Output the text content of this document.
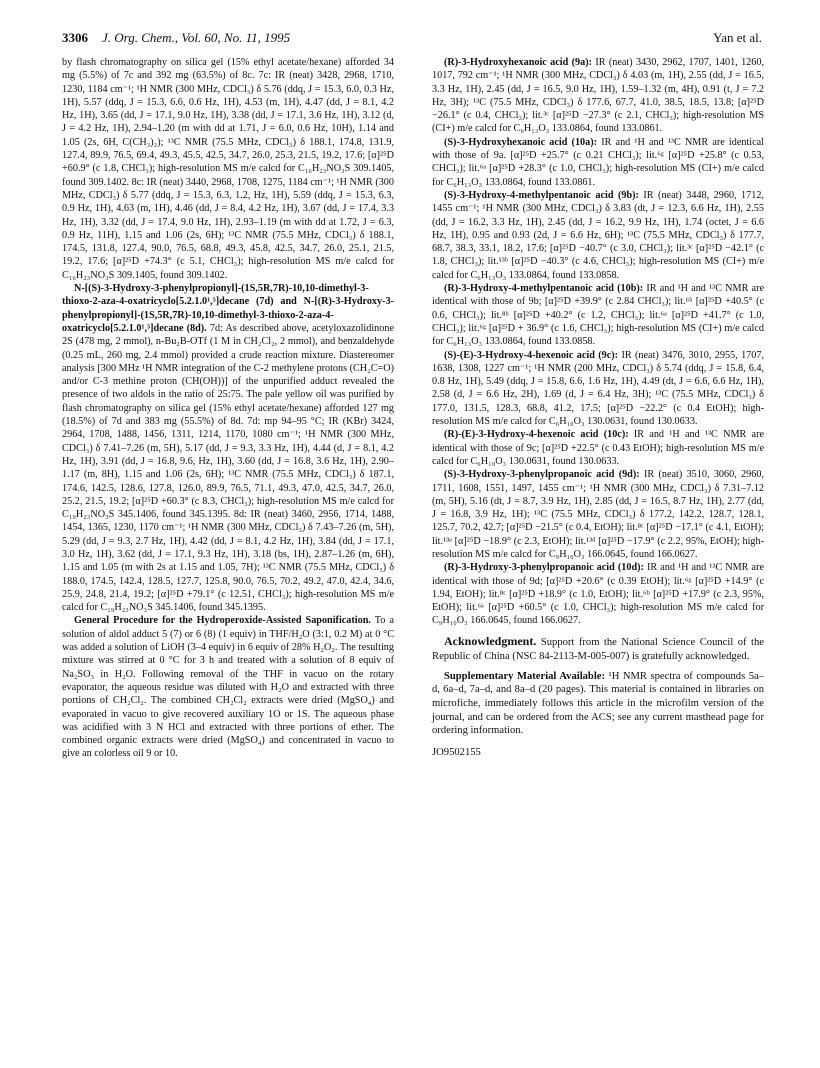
3306 J. Org. Chem., Vol. 60, No. 11, 1995	Yan et al.

by flash chromatography on silica gel (15% ethyl acetate/hexane) afforded 34 mg (5.5%) of 7c and 392 mg (63.5%) of 8c. 7c: IR (neat) 3428, 2968, 1710, 1230, 1184 cm⁻¹; ¹H NMR (300 MHz, CDCl₃) δ 5.76 (ddq, J = 15.3, 6.0, 0.3 Hz, 1H), 5.57 (ddq, J = 15.3, 6.6, 0.6 Hz, 1H), 4.53 (m, 1H), 4.47 (dd, J = 8.1, 4.2 Hz, 1H), 3.65 (dd, J = 17.1, 9.0 Hz, 1H), 3.38 (dd, J = 17.1, 3.6 Hz, 1H), 3.12 (d, J = 4.2 Hz, 1H), 2.94–1.20 (m with dd at 1.71, J = 6.0, 0.6 Hz, 10H), 1.14 and 1.05 (2s, 6H, C(CH₃)₂); ¹³C NMR (75.5 MHz, CDCl₃) δ 188.1, 174.8, 131.9, 127.4, 89.9, 76.5, 69.4, 49.3, 45.5, 42.5, 34.7, 26.0, 25.3, 21.5, 19.2, 17.6; [α]²⁵D +60.9° (c 1.8, CHCl₃); high-resolution MS m/e calcd for C₁₆H₂₃NO₃S 309.1405, found 309.1402. 8c: IR (neat) 3440, 2968, 1708, 1275, 1184 cm⁻¹; ¹H NMR (300 MHz, CDCl₃) δ 5.77 (ddq, J = 15.3, 6.3, 1.2, Hz, 1H), 5.59 (ddq, J = 15.3, 6.3, 0.9 Hz, 1H), 4.63 (m, 1H), 4.46 (dd, J = 8.4, 4.2 Hz, 1H), 3.67 (dd, J = 17.4, 3.3 Hz, 1H), 3.32 (dd, J = 17.4, 9.0 Hz, 1H), 2.93–1.19 (m with dd at 1.72, J = 6.3, 0.9 Hz, 11H), 1.15 and 1.06 (2s, 6H); ¹³C NMR (75.5 MHz, CDCl₃) δ 188.1, 174.5, 131.8, 127.4, 90.0, 76.5, 68.8, 49.3, 45.8, 42.5, 34.7, 26.0, 25.1, 21.5, 19.2, 17.6; [α]²⁵D +74.3° (c 5.1, CHCl₃); high-resolution MS m/e calcd for C₁₆H₂₃NO₃S 309.1405, found 309.1402.

N-[(S)-3-Hydroxy-3-phenylpropionyl]-(1S,5R,7R)-10,10-dimethyl-3-thioxo-2-aza-4-oxatricyclo[5.2.1.0¹,⁵]decane (7d) and N-[(R)-3-Hydroxy-3-phenylpropionyl]-(1S,5R,7R)-10,10-dimethyl-3-thioxo-2-aza-4-oxatricyclo[5.2.1.0¹,⁵]decane (8d). 7d: As described above, acetyloxazolidinone 2S (478 mg, 2 mmol), n-Bu₂B-OTf (1 M in CH₂Cl₂, 2 mmol), and benzaldehyde (0.25 mL, 260 mg, 2.4 mmol) provided a crude reaction mixture. Diastereomer analysis [300 MHz ¹H NMR integration of the C-2 methylene protons (CH₂C=O) and/or C-3 methine proton (CH(OH))] of the unpurified adduct revealed the presence of two aldols in the ratio of 25:75. The pale yellow oil was purified by flash chromatography on silica gel (15% ethyl acetate/hexane) afforded 127 mg (18.5%) of 7d and 383 mg (55.5%) of 8d. 7d: mp 94–95 °C; IR (KBr) 3424, 2964, 1708, 1488, 1456, 1311, 1214, 1170, 1080 cm⁻¹; ¹H NMR (300 MHz, CDCl₃) δ 7.41–7.26 (m, 5H), 5.17 (dd, J = 9.3, 3.3 Hz, 1H), 4.44 (d, J = 8.1, 4.2 Hz, 1H), 3.91 (dd, J = 16.8, 9.6, Hz, 1H), 3.60 (dd, J = 16.8, 3.6 Hz, 1H), 2.90–1.17 (m, 8H), 1.15 and 1.06 (2s, 6H); ¹³C NMR (75.5 MHz, CDCl₃) δ 187.1, 174.6, 142.5, 128.6, 127.8, 126.0, 89.9, 76.5, 71.1, 49.3, 47.0, 42.5, 34.7, 26.0, 25.2, 21.5, 19.2; [α]²⁵D +60.3° (c 8.3, CHCl₃); high-resolution MS m/e calcd for C₁₉H₂₃NO₃S 345.1406, found 345.1395. 8d: IR (neat) 3460, 2956, 1714, 1488, 1454, 1365, 1230, 1170 cm⁻¹; ¹H NMR (300 MHz, CDCl₃) δ 7.43–7.26 (m, 5H), 5.29 (dd, J = 9.3, 2.7 Hz, 1H), 4.42 (dd, J = 8.1, 4.2 Hz, 1H), 3.84 (dd, J = 17.1, 3.0 Hz, 1H), 3.62 (dd, J = 17.1, 9.3 Hz, 1H), 3.18 (bs, 1H), 2.87–1.26 (m, 6H), 1.15 and 1.05 (m with 2s at 1.15 and 1.05, 7H); ¹³C NMR (75.5 MHz, CDCl₃) δ 188.0, 174.5, 142.4, 128.5, 127.7, 125.8, 90.0, 76.5, 70.2, 49.2, 47.0, 42.4, 34.6, 25.9, 24.8, 21.4, 19.2; [α]²⁵D +79.1° (c 12.51, CHCl₃); high-resolution MS m/e calcd for C₁₉H₂₃NO₃S 345.1406, found 345.1395.

General Procedure for the Hydroperoxide-Assisted Saponification. To a solution of aldol adduct 5 (7) or 6 (8) (1 equiv) in THF/H₂O (3:1, 0.2 M) at 0 °C was added a solution of LiOH (3–4 equiv) in 6 equiv of 28% H₂O₂. The resulting mixture was stirred at 0 °C for 3 h and treated with a solution of 8 equiv of Na₂SO₃ in H₂O. Following removal of the THF in vacuo on the rotary evaporator, the aqueous residue was diluted with H₂O and extracted with three portions of CH₂Cl₂. The combined CH₂Cl₂ extracts were dried (MgSO₄) and evaporated in vacuo to give recovered auxiliary 1O or 1S. The aqueous phase was acidified with 3 N HCl and extracted with three portions of ether. The combined organic extracts were dried (MgSO₄) and concentrated in vacuo to give an colorless oil 9 or 10.

(R)-3-Hydroxyhexanoic acid (9a): IR (neat) 3430, 2962, 1707, 1401, 1260, 1017, 792 cm⁻¹; ¹H NMR (300 MHz, CDCl₃) δ 4.03 (m, 1H), 2.55 (dd, J = 16.5, 3.3 Hz, 1H), 2.45 (dd, J = 16.5, 9.0 Hz, 1H), 1.59–1.32 (m, 4H), 0.91 (t, J = 7.2 Hz, 3H); ¹³C (75.5 MHz, CDCl₃) δ 177.6, 67.7, 41.0, 38.5, 18.5, 13.8; [α]²⁵D −26.1° (c 0.4, CHCl₃); lit.³ᶜ [α]²⁵D −27.3° (c 2.1, CHCl₃); high-resolution MS (CI+) m/e calcd for C₆H₁₃O₃ 133.0864, found 133.0861.

(S)-3-Hydroxyhexanoic acid (10a): IR and ¹H and ¹³C NMR are identical with those of 9a. [α]²⁵D +25.7° (c 0.21 CHCl₃); lit.⁶ᵍ [α]²⁵D +25.8° (c 0.53, CHCl₃); lit.⁶ᵃ [α]²⁵D +28.3° (c 1.0, CHCl₃); high-resolution MS (CI+) m/e calcd for C₆H₁₃O₃ 133.0864, found 133.0861.

(S)-3-Hydroxy-4-methylpentanoic acid (9b): IR (neat) 3448, 2960, 1712, 1455 cm⁻¹; ¹H NMR (300 MHz, CDCl₃) δ 3.83 (dt, J = 12.3, 6.6 Hz, 1H), 2.55 (dd, J = 16.2, 3.3 Hz, 1H), 2.45 (dd, J = 16.2, 9.9 Hz, 1H), 1.74 (octet, J = 6.6 Hz, 1H), 0.95 and 0.93 (2d, J = 6.6 Hz, 6H); ¹³C (75.5 MHz, CDCl₃) δ 177.7, 68.7, 38.3, 33.1, 18.2, 17.6; [α]²⁵D −40.7° (c 3.0, CHCl₃); lit.³ᶜ [α]²⁵D −42.1° (c 1.8, CHCl₃); lit.¹³ᵇ [α]²⁵D −40.3° (c 4.6, CHCl₃); high-resolution MS (CI+) m/e calcd for C₆H₁₃O₃ 133.0864, found 133.0858.

(R)-3-Hydroxy-4-methylpentanoic acid (10b): IR and ¹H and ¹³C NMR are identical with those of 9b; [α]²⁵D +39.9° (c 2.84 CHCl₃); lit.⁶ʰ [α]²⁵D +40.5° (c 0.6, CHCl₃); lit.⁸ᵇ [α]²⁵D +40.2° (c 1.2, CHCl₃); lit.⁶ᵃ [α]²⁵D +41.7° (c 1.0, CHCl₃); lit.⁶ᵍ [α]²⁵D + 36.9° (c 1.6, CHCl₃); high-resolution MS (CI+) m/e calcd for C₆H₁₃O₃ 133.0864, found 133.0858.

(S)-(E)-3-Hydroxy-4-hexenoic acid (9c): IR (neat) 3476, 3010, 2955, 1707, 1638, 1308, 1227 cm⁻¹; ¹H NMR (200 MHz, CDCl₃) δ 5.74 (ddq, J = 15.8, 6.4, 0.8 Hz, 1H), 5.49 (ddq, J = 15.8, 6.6, 1.6 Hz, 1H), 4.49 (dt, J = 6.6, 6.6 Hz, 1H), 2.58 (d, J = 6.6 Hz, 2H), 1.69 (d, J = 6.4 Hz, 3H); ¹³C (75.5 MHz, CDCl₃) δ 177.0, 131.5, 128.3, 68.8, 41.2, 17.5; [α]²⁵D −22.2° (c 0.4 EtOH); high-resolution MS m/e calcd for C₆H₁₀O₃ 130.0631, found 130.0633.

(R)-(E)-3-Hydroxy-4-hexenoic acid (10c): IR and ¹H and ¹³C NMR are identical with those of 9c; [α]²⁵D +22.5° (c 0.43 EtOH); high-resolution MS m/e calcd for C₆H₁₀O₃ 130.0631, found 130.0633.

(S)-3-Hydroxy-3-phenylpropanoic acid (9d): IR (neat) 3510, 3060, 2960, 1711, 1608, 1551, 1497, 1455 cm⁻¹; ¹H NMR (300 MHz, CDCl₃) δ 7.31–7.12 (m, 5H), 5.16 (dt, J = 8.7, 3.9 Hz, 1H), 2.85 (dd, J = 16.5, 8.7 Hz, 1H), 2.77 (dd, J = 16.8, 3.9 Hz, 1H); ¹³C (75.5 MHz, CDCl₃) δ 177.2, 142.2, 128.7, 128.1, 125.7, 70.2, 42.7; [α]²⁵D −21.5° (c 0.4, EtOH); lit.⁸ᶜ [α]²⁵D −17.1° (c 4.1, EtOH); lit.¹³ᵃ [α]²⁵D −18.9° (c 2.3, EtOH); lit.¹³ᵈ [α]²⁵D −17.9° (c 2.2, 95%, EtOH); high-resolution MS m/e calcd for C₉H₁₀O₃ 166.0645, found 166.0627.

(R)-3-Hydroxy-3-phenylpropanoic acid (10d): IR and ¹H and ¹³C NMR are identical with those of 9d; [α]²⁵D +20.6° (c 0.39 EtOH); lit.⁶ᵍ [α]²⁵D +14.9° (c 1.94, EtOH); lit.⁸ᶜ [α]²⁵D +18.9° (c 1.0, EtOH); lit.⁶ʰ [α]²⁵D +17.9° (c 2.3, 95%, EtOH); lit.⁶ᵃ [α]²⁵D +60.5° (c 1.0, CHCl₃); high-resolution MS m/e calcd for C₉H₁₀O₃ 166.0645, found 166.0627.

Acknowledgment. Support from the National Science Council of the Republic of China (NSC 84-2113-M-005-007) is gratefully acknowledged.

Supplementary Material Available: ¹H NMR spectra of compounds 5a–d, 6a–d, 7a–d, and 8a–d (20 pages). This material is contained in libraries on microfiche, immediately follows this article in the microfilm version of the journal, and can be ordered from the ACS; see any current masthead page for ordering information.

JO9502155
